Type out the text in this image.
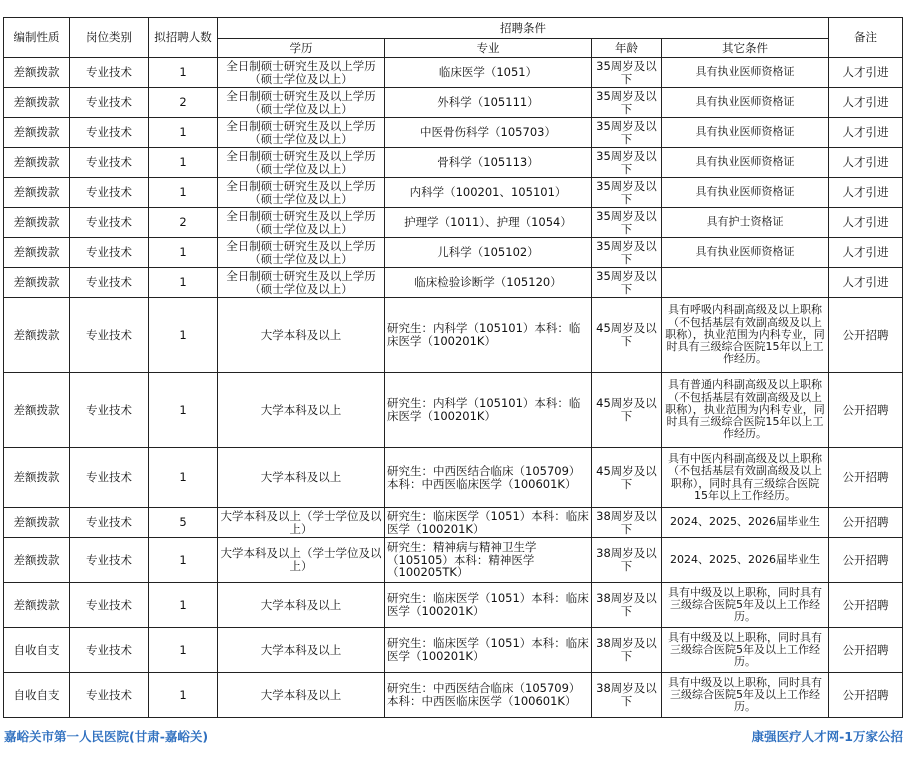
编制性质	岗位类别	拟招聘人数	招聘条件				备注
			学历	专业	年龄	其它条件	
差额拨款	专业技术	1	全日制硕士研究生及以上学历（硕士学位及以上）	临床医学（1051）	35周岁及以下	具有执业医师资格证	人才引进
差额拨款	专业技术	2	全日制硕士研究生及以上学历（硕士学位及以上）	外科学（105111）	35周岁及以下	具有执业医师资格证	人才引进
差额拨款	专业技术	1	全日制硕士研究生及以上学历（硕士学位及以上）	中医骨伤科学（105703）	35周岁及以下	具有执业医师资格证	人才引进
差额拨款	专业技术	1	全日制硕士研究生及以上学历（硕士学位及以上）	骨科学（105113）	35周岁及以下	具有执业医师资格证	人才引进
差额拨款	专业技术	1	全日制硕士研究生及以上学历（硕士学位及以上）	内科学（100201、105101）	35周岁及以下	具有执业医师资格证	人才引进
差额拨款	专业技术	2	全日制硕士研究生及以上学历（硕士学位及以上）	护理学（1011）、护理（1054）	35周岁及以下	具有护士资格证	人才引进
差额拨款	专业技术	1	全日制硕士研究生及以上学历（硕士学位及以上）	儿科学（105102）	35周岁及以下	具有执业医师资格证	人才引进
差额拨款	专业技术	1	全日制硕士研究生及以上学历（硕士学位及以上）	临床检验诊断学（105120）	35周岁及以下		人才引进
差额拨款	专业技术	1	大学本科及以上	研究生：内科学（105101）本科：临床医学（100201K）	45周岁及以下	具有呼吸内科副高级及以上职称（不包括基层有效副高级及以上职称），执业范围为内科专业，同时具有三级综合医院15年以上工作经历。	公开招聘
差额拨款	专业技术	1	大学本科及以上	研究生：内科学（105101）本科：临床医学（100201K）	45周岁及以下	具有普通内科副高级及以上职称（不包括基层有效副高级及以上职称），执业范围为内科专业，同时具有三级综合医院15年以上工作经历。	公开招聘
差额拨款	专业技术	1	大学本科及以上	研究生：中西医结合临床（105709）本科：中西医临床医学（100601K）	45周岁及以下	具有中医内科副高级及以上职称（不包括基层有效副高级及以上职称），同时具有三级综合医院15年以上工作经历。	公开招聘
差额拨款	专业技术	5	大学本科及以上（学士学位及以上）	研究生：临床医学（1051）本科：临床医学（100201K）	38周岁及以下	2024、2025、2026届毕业生	公开招聘
差额拨款	专业技术	1	大学本科及以上（学士学位及以上）	研究生：精神病与精神卫生学（105105）本科：精神医学（100205TK）	38周岁及以下	2024、2025、2026届毕业生	公开招聘
差额拨款	专业技术	1	大学本科及以上	研究生：临床医学（1051）本科：临床医学（100201K）	38周岁及以下	具有中级及以上职称，同时具有三级综合医院5年及以上工作经历。	公开招聘
自收自支	专业技术	1	大学本科及以上	研究生：临床医学（1051）本科：临床医学（100201K）	38周岁及以下	具有中级及以上职称，同时具有三级综合医院5年及以上工作经历。	公开招聘
自收自支	专业技术	1	大学本科及以上	研究生：中西医结合临床（105709）本科：中西医临床医学（100601K）	38周岁及以下	具有中级及以上职称，同时具有三级综合医院5年及以上工作经历。	公开招聘
嘉峪关市第一人民医院(甘肃-嘉峪关)	康强医疗人才网-1万家公招
